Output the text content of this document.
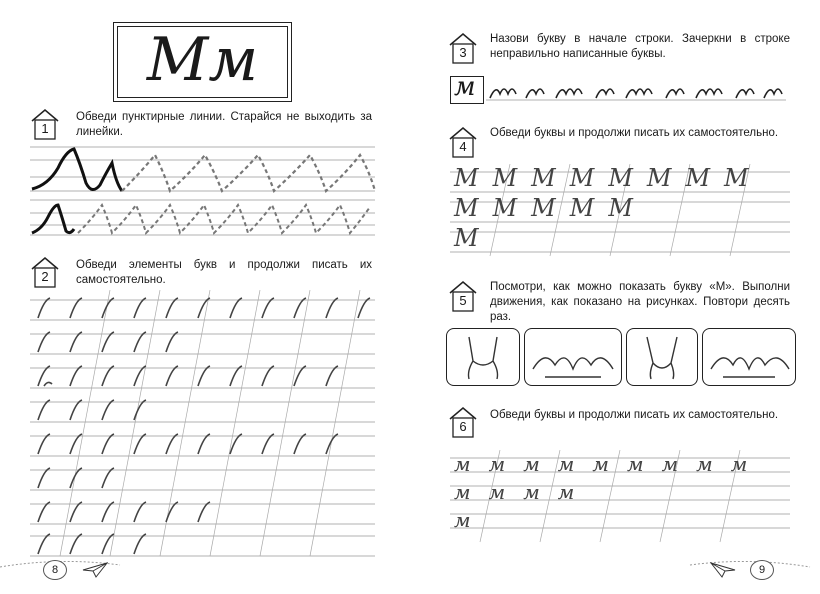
Мм
1
Обведи пунктирные линии. Старайся не выходить за линейки.
2
Обведи элементы букв и продолжи писать их самостоятельно.
8
3
Назови букву в начале строки. Зачеркни в строке неправильно написанные буквы.
м
4
Обведи буквы и продолжи писать их самостоятельно.
ММММММММ
МММММ
М
5
Посмотри, как можно показать букву «М». Выполни движения, как показано на рисунках. Повтори десять раз.
6
Обведи буквы и продолжи писать их самостоятельно.
ммммммммм
мммм
м
9
